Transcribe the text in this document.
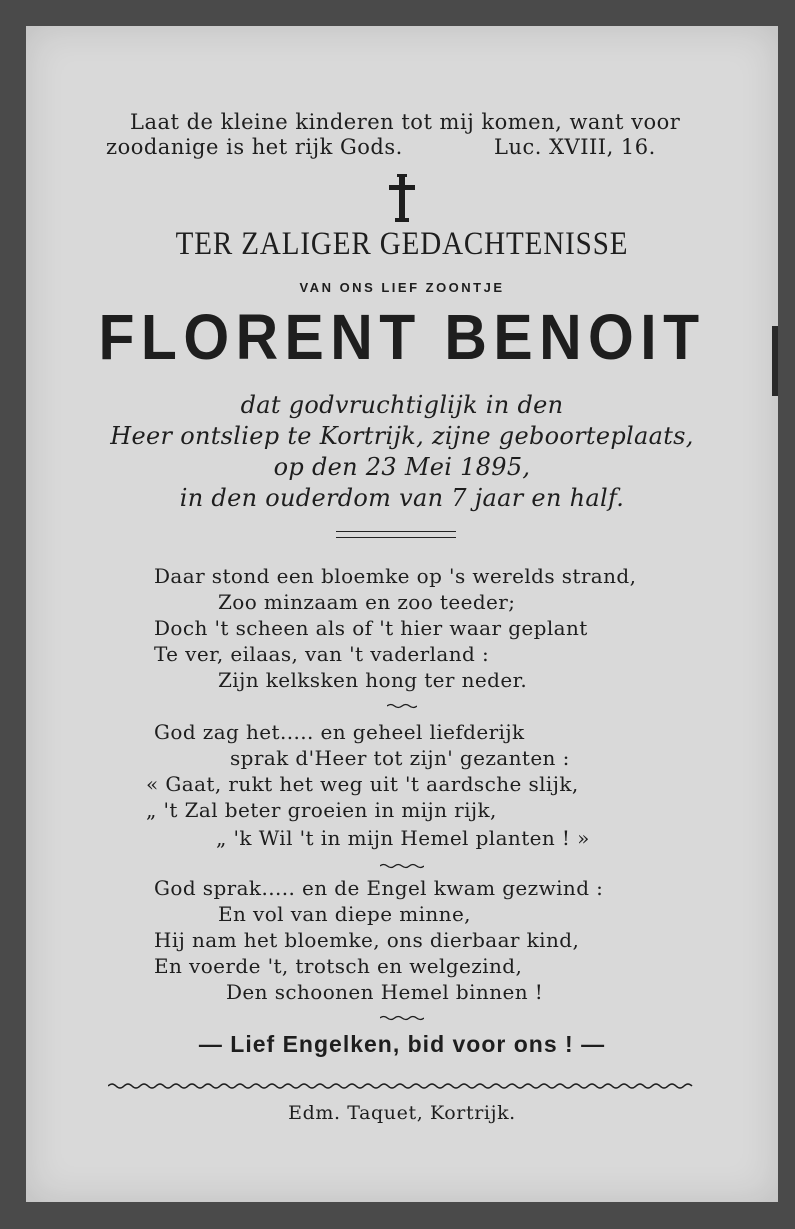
Laat de kleine kinderen tot mij komen, want voor
zoodanige is het rijk Gods.	Luc. XVIII, 16.
TER ZALIGER GEDACHTENISSE
VAN ONS LIEF ZOONTJE
FLORENT BENOIT
dat godvruchtiglijk in den
Heer ontsliep te Kortrijk, zijne geboorteplaats,
op den 23 Mei 1895,
in den ouderdom van 7 jaar en half.
Daar stond een bloemke op 's werelds strand,
Zoo minzaam en zoo teeder;
Doch 't scheen als of 't hier waar geplant
Te ver, eilaas, van 't vaderland :
Zijn kelksken hong ter neder.
God zag het..... en geheel liefderijk
sprak d'Heer tot zijn' gezanten :
« Gaat, rukt het weg uit 't aardsche slijk,
„ 't Zal beter groeien in mijn rijk,
„ 'k Wil 't in mijn Hemel planten ! »
God sprak..... en de Engel kwam gezwind :
En vol van diepe minne,
Hij nam het bloemke, ons dierbaar kind,
En voerde 't, trotsch en welgezind,
Den schoonen Hemel binnen !
— Lief Engelken, bid voor ons ! —
Edm. Taquet, Kortrijk.
